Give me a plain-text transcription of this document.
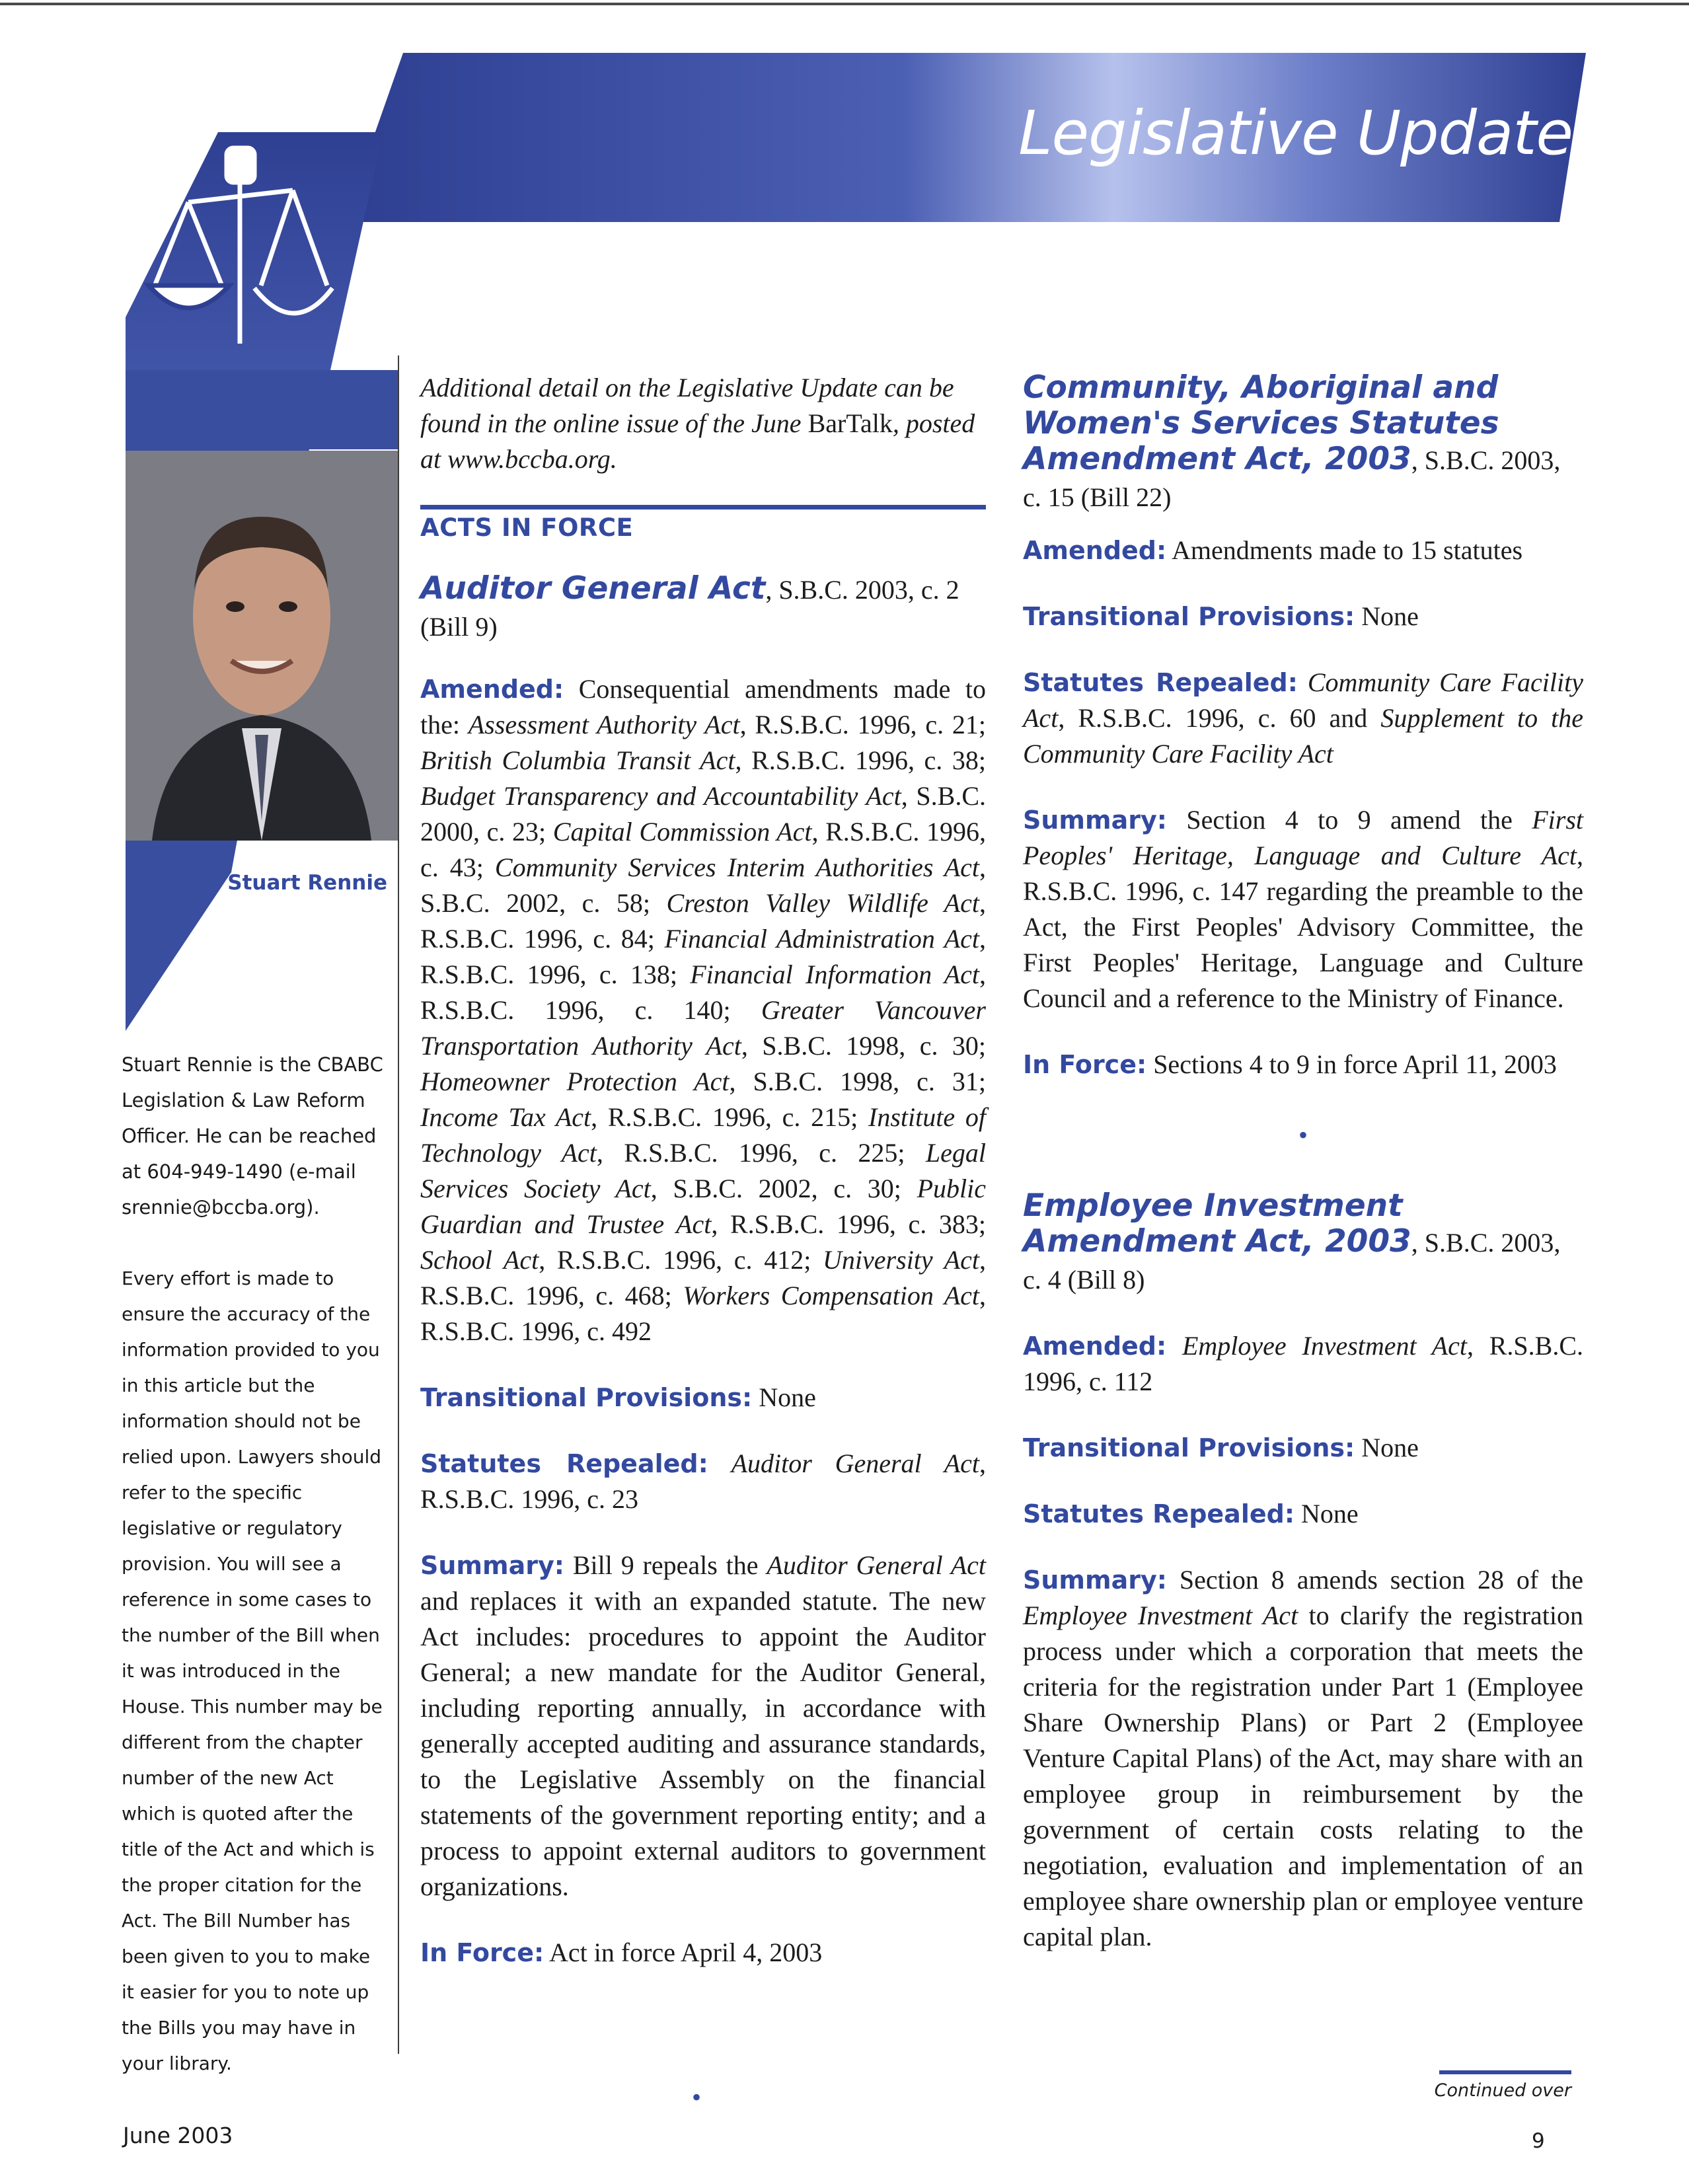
Legislative Update
Stuart Rennie
Stuart Rennie is the CBABC Legislation & Law Reform Officer. He can be reached at 604-949-1490 (e-mail srennie@bccba.org).
Every effort is made to ensure the accuracy of the information provided to you in this article but the information should not be relied upon. Lawyers should refer to the specific legislative or regulatory provision. You will see a reference in some cases to the number of the Bill when it was introduced in the House. This number may be different from the chapter number of the new Act which is quoted after the title of the Act and which is the proper citation for the Act. The Bill Number has been given to you to make it easier for you to note up the Bills you may have in your library.

Additional detail on the Legislative Update can be found in the online issue of the June BarTalk, posted at www.bccba.org.

ACTS IN FORCE
Auditor General Act, S.B.C. 2003, c. 2 (Bill 9)

Amended: Consequential amendments made to the: Assessment Authority Act, R.S.B.C. 1996, c. 21; British Columbia Transit Act, R.S.B.C. 1996, c. 38; Budget Transparency and Accountability Act, S.B.C. 2000, c. 23; Capital Commission Act, R.S.B.C. 1996, c. 43; Community Services Interim Authorities Act, S.B.C. 2002, c. 58; Creston Valley Wildlife Act, R.S.B.C. 1996, c. 84; Financial Administration Act, R.S.B.C. 1996, c. 138; Financial Information Act, R.S.B.C. 1996, c. 140; Greater Vancouver Transportation Authority Act, S.B.C. 1998, c. 30; Homeowner Protection Act, S.B.C. 1998, c. 31; Income Tax Act, R.S.B.C. 1996, c. 215; Institute of Technology Act, R.S.B.C. 1996, c. 225; Legal Services Society Act, S.B.C. 2002, c. 30; Public Guardian and Trustee Act, R.S.B.C. 1996, c. 383; School Act, R.S.B.C. 1996, c. 412; University Act, R.S.B.C. 1996, c. 468; Workers Compensation Act, R.S.B.C. 1996, c. 492

Transitional Provisions: None

Statutes Repealed: Auditor General Act, R.S.B.C. 1996, c. 23

Summary: Bill 9 repeals the Auditor General Act and replaces it with an expanded statute. The new Act includes: procedures to appoint the Auditor General; a new mandate for the Auditor General, including reporting annually, in accordance with generally accepted auditing and assurance standards, to the Legislative Assembly on the financial statements of the government reporting entity; and a process to appoint external auditors to government organizations.

In Force: Act in force April 4, 2003

•
Community, Aboriginal and Women's Services Statutes Amendment Act, 2003, S.B.C. 2003, c. 15 (Bill 22)

Amended: Amendments made to 15 statutes

Transitional Provisions: None

Statutes Repealed: Community Care Facility Act, R.S.B.C. 1996, c. 60 and Supplement to the Community Care Facility Act

Summary: Section 4 to 9 amend the First Peoples' Heritage, Language and Culture Act, R.S.B.C. 1996, c. 147 regarding the preamble to the Act, the First Peoples' Advisory Committee, the First Peoples' Heritage, Language and Culture Council and a reference to the Ministry of Finance.

In Force: Sections 4 to 9 in force April 11, 2003

•
Employee Investment Amendment Act, 2003, S.B.C. 2003, c. 4 (Bill 8)

Amended: Employee Investment Act, R.S.B.C. 1996, c. 112

Transitional Provisions: None

Statutes Repealed: None

Summary: Section 8 amends section 28 of the Employee Investment Act to clarify the registration process under which a corporation that meets the criteria for the registration under Part 1 (Employee Share Ownership Plans) or Part 2 (Employee Venture Capital Plans) of the Act, may share with an employee group in reimbursement by the government of certain costs relating to the negotiation, evaluation and implementation of an employee share ownership plan or employee venture capital plan.

Continued over
June 2003	9
